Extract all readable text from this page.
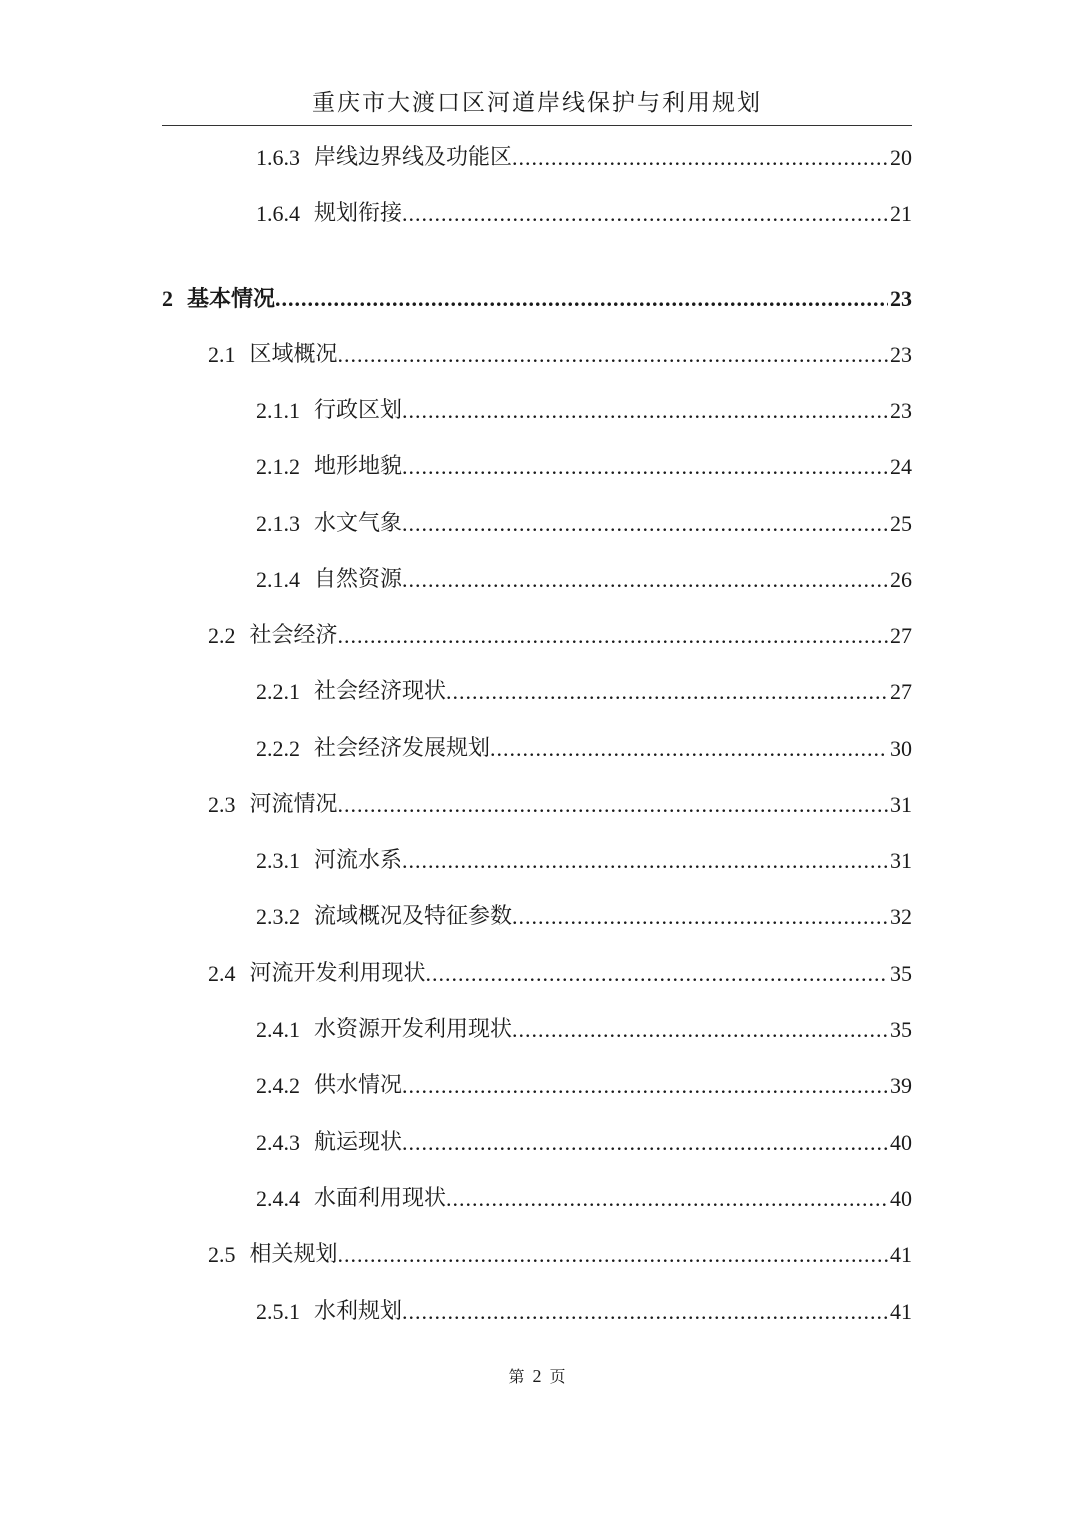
重庆市大渡口区河道岸线保护与利用规划
1.6.3 岸线边界线及功能区 .....	20
1.6.4 规划衔接 .....	21
2 基本情况 .....	23
2.1 区域概况 .....	23
2.1.1 行政区划 .....	23
2.1.2 地形地貌 .....	24
2.1.3 水文气象 .....	25
2.1.4 自然资源 .....	26
2.2 社会经济 .....	27
2.2.1 社会经济现状 .....	27
2.2.2 社会经济发展规划 .....	30
2.3 河流情况 .....	31
2.3.1 河流水系 .....	31
2.3.2 流域概况及特征参数 .....	32
2.4 河流开发利用现状 .....	35
2.4.1 水资源开发利用现状 .....	35
2.4.2 供水情况 .....	39
2.4.3 航运现状 .....	40
2.4.4 水面利用现状 .....	40
2.5 相关规划 .....	41
2.5.1 水利规划 .....	41
第 2 页
